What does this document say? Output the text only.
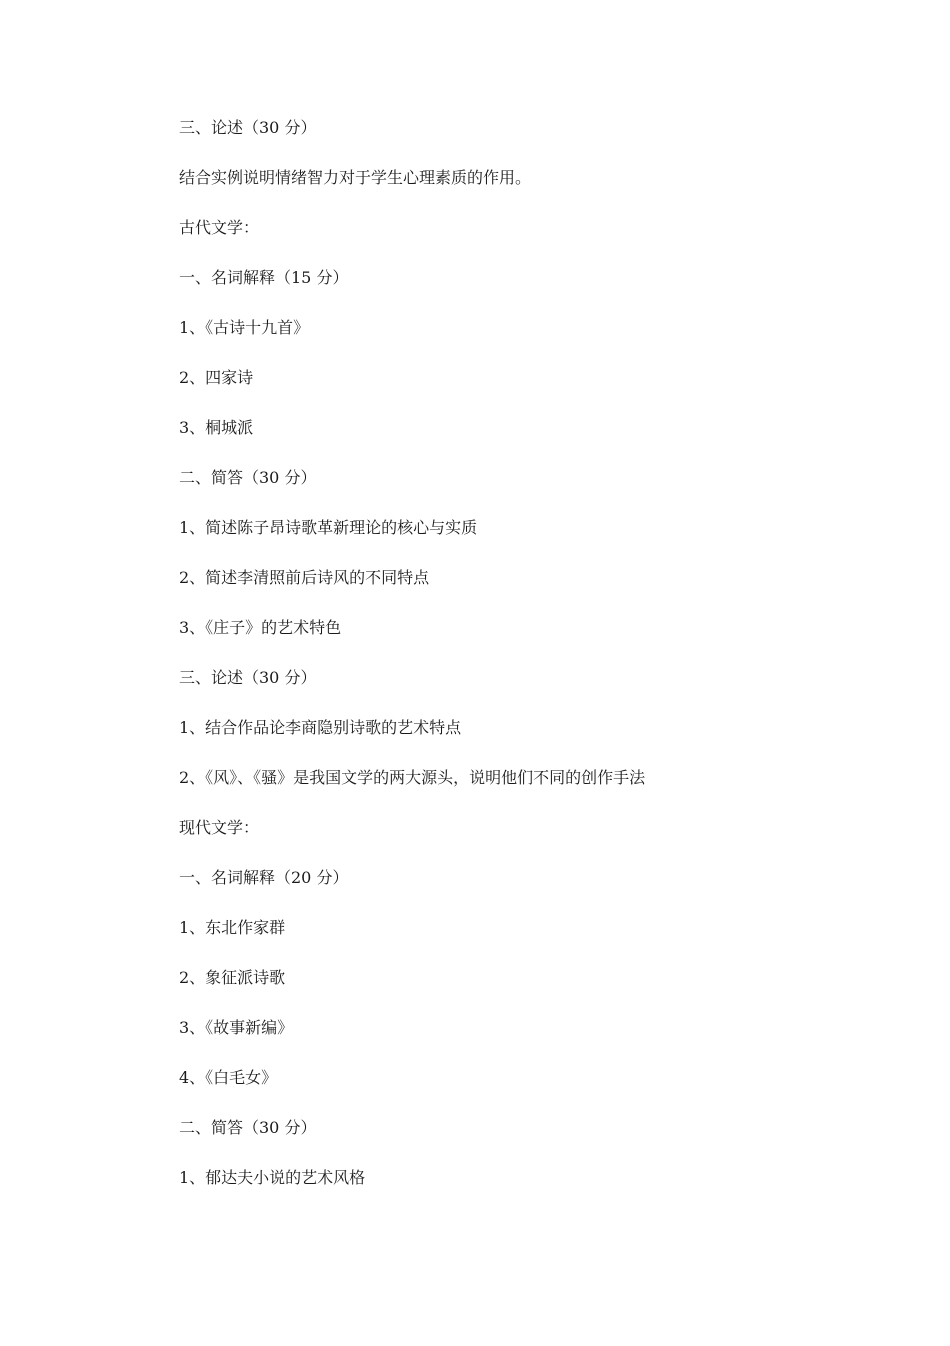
三、论述（30 分）

结合实例说明情绪智力对于学生心理素质的作用。

古代文学：

一、名词解释（15 分）

1、《古诗十九首》

2、四家诗

3、桐城派

二、简答（30 分）

1、简述陈子昂诗歌革新理论的核心与实质

2、简述李清照前后诗风的不同特点

3、《庄子》的艺术特色

三、论述（30 分）

1、结合作品论李商隐别诗歌的艺术特点

2、《风》、《骚》是我国文学的两大源头，说明他们不同的创作手法

现代文学：

一、名词解释（20 分）

1、东北作家群

2、象征派诗歌

3、《故事新编》

4、《白毛女》

二、简答（30 分）

1、郁达夫小说的艺术风格
